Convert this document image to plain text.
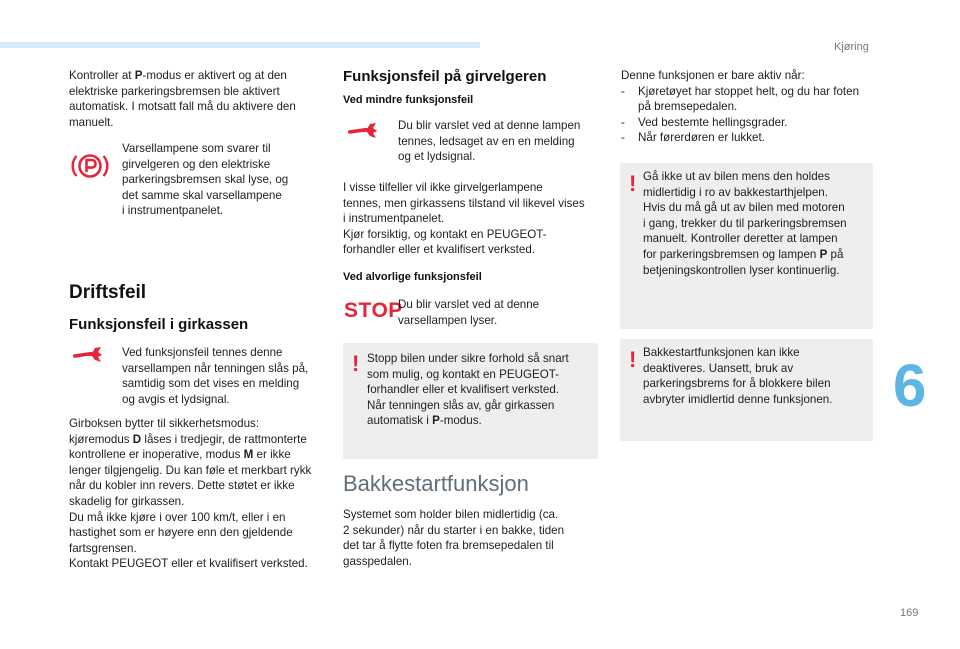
Kjøring
6
169

Kontroller at P-modus er aktivert og at den

elektriske parkeringsbremsen ble aktivert

automatisk. I motsatt fall må du aktivere den

manuelt.

Varsellampene som svarer til

girvelgeren og den elektriske

parkeringsbremsen skal lyse, og

det samme skal varsellampene

i instrumentpanelet.

Driftsfeil
Funksjonsfeil i girkassen

Ved funksjonsfeil tennes denne

varsellampen når tenningen slås på,

samtidig som det vises en melding

og avgis et lydsignal.

Girboksen bytter til sikkerhetsmodus:

kjøremodus D låses i tredjegir, de rattmonterte

kontrollene er inoperative, modus M er ikke

lenger tilgjengelig. Du kan føle et merkbart rykk

når du kobler inn revers. Dette støtet er ikke

skadelig for girkassen.

Du må ikke kjøre i over 100 km/t, eller i en

hastighet som er høyere enn den gjeldende

fartsgrensen.

Kontakt PEUGEOT eller et kvalifisert verksted.

Funksjonsfeil på girvelgeren
Ved mindre funksjonsfeil

Du blir varslet ved at denne lampen

tennes, ledsaget av en en melding

og et lydsignal.

I visse tilfeller vil ikke girvelgerlampene

tennes, men girkassens tilstand vil likevel vises

i instrumentpanelet.

Kjør forsiktig, og kontakt en PEUGEOT-

forhandler eller et kvalifisert verksted.

Ved alvorlige funksjonsfeil
STOP

Du blir varslet ved at denne

varsellampen lyser.

! Stopp bilen under sikre forhold så snart

som mulig, og kontakt en PEUGEOT-

forhandler eller et kvalifisert verksted.

Når tenningen slås av, går girkassen

automatisk i P-modus.

Bakkestartfunksjon

Systemet som holder bilen midlertidig (ca.

2 sekunder) når du starter i en bakke, tiden

det tar å flytte foten fra bremsepedalen til

gasspedalen.

Denne funksjonen er bare aktiv når:

- Kjøretøyet har stoppet helt, og du har foten

på bremsepedalen.

- Ved bestemte hellingsgrader.

- Når førerdøren er lukket.

! Gå ikke ut av bilen mens den holdes

midlertidig i ro av bakkestarthjelpen.

Hvis du må gå ut av bilen med motoren

i gang, trekker du til parkeringsbremsen

manuelt. Kontroller deretter at lampen

for parkeringsbremsen og lampen P på

betjeningskontrollen lyser kontinuerlig.

! Bakkestartfunksjonen kan ikke

deaktiveres. Uansett, bruk av

parkeringsbrems for å blokkere bilen

avbryter imidlertid denne funksjonen.
